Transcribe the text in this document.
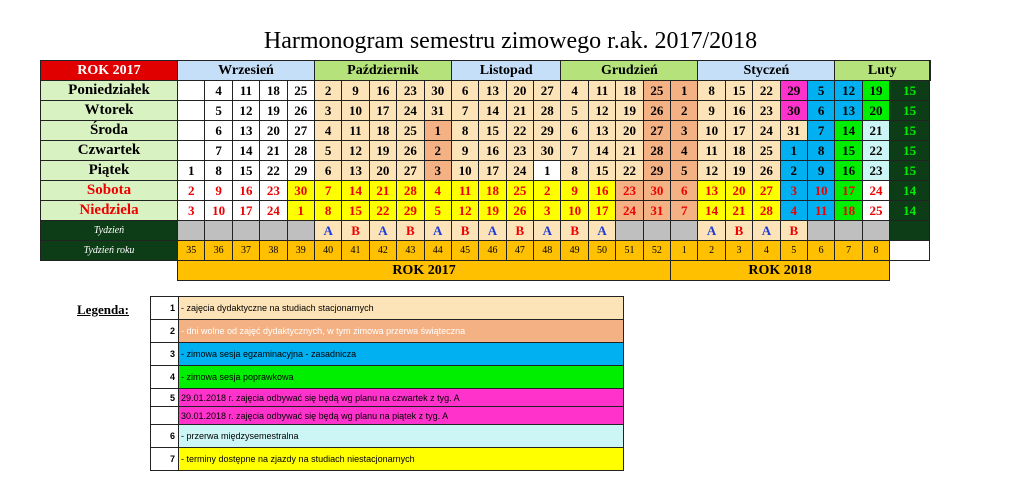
Harmonogram semestru zimowego r.ak. 2017/2018
ROK 2017	Wrzesień					Październik					Listopad				Grudzień					Styczeń					Luty			
Poniedziałek		4	11	18	25	2	9	16	23	30	6	13	20	27	4	11	18	25	1	8	15	22	29	5	12	19	15	
Wtorek		5	12	19	26	3	10	17	24	31	7	14	21	28	5	12	19	26	2	9	16	23	30	6	13	20	15	
Środa		6	13	20	27	4	11	18	25	1	8	15	22	29	6	13	20	27	3	10	17	24	31	7	14	21	15	
Czwartek		7	14	21	28	5	12	19	26	2	9	16	23	30	7	14	21	28	4	11	18	25	1	8	15	22	15	
Piątek	1	8	15	22	29	6	13	20	27	3	10	17	24	1	8	15	22	29	5	12	19	26	2	9	16	23	15	
Sobota	2	9	16	23	30	7	14	21	28	4	11	18	25	2	9	16	23	30	6	13	20	27	3	10	17	24	14	
Niedziela	3	10	17	24	1	8	15	22	29	5	12	19	26	3	10	17	24	31	7	14	21	28	4	11	18	25	14	
Tydzień						A	B	A	B	A	B	A	B	A	B	A				A	B	A	B					
Tydzień roku	35	36	37	38	39	40	41	42	43	44	45	46	47	48	49	50	51	52	1	2	3	4	5	6	7	8		
	ROK 2017																		ROK 2018									
Legenda:	1	- zajęcia dydaktyczne na studiach stacjonarnych
2	- dni wolne od zajęć dydaktycznych, w tym zimowa przerwa świąteczna
3	- zimowa sesja egzaminacyjna - zasadnicza
4	- zimowa sesja poprawkowa
5	29.01.2018 r. zajęcia odbywać się będą wg planu na czwartek z tyg. A
	30.01.2018 r. zajęcia odbywać się będą wg planu na piątek z tyg. A
6	- przerwa międzysemestralna
7	- terminy dostępne na zjazdy na studiach niestacjonarnych
